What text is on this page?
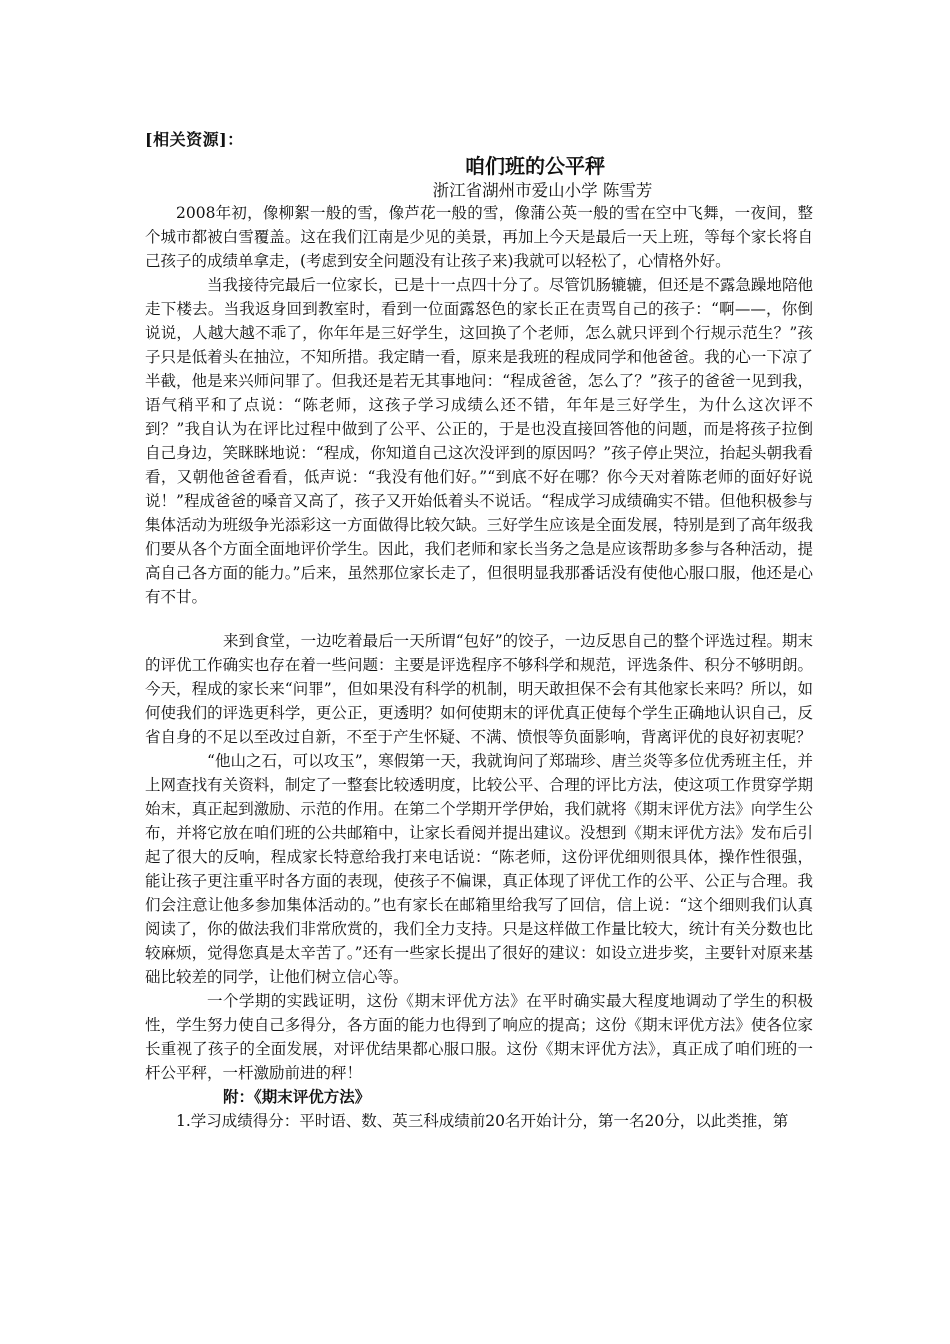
[相关资源]：
咱们班的公平秤
浙江省湖州市爱山小学 陈雪芳

2008年初，像柳絮一般的雪，像芦花一般的雪，像蒲公英一般的雪在空中飞舞，一夜间，整个城市都被白雪覆盖。这在我们江南是少见的美景，再加上今天是最后一天上班，等每个家长将自己孩子的成绩单拿走，(考虑到安全问题没有让孩子来)我就可以轻松了，心情格外好。

当我接待完最后一位家长，已是十一点四十分了。尽管饥肠辘辘，但还是不露急躁地陪他走下楼去。当我返身回到教室时，看到一位面露怒色的家长正在责骂自己的孩子：“啊——，你倒说说，人越大越不乖了，你年年是三好学生，这回换了个老师，怎么就只评到个行规示范生？”孩子只是低着头在抽泣，不知所措。我定睛一看，原来是我班的程成同学和他爸爸。我的心一下凉了半截，他是来兴师问罪了。但我还是若无其事地问：“程成爸爸，怎么了？”孩子的爸爸一见到我，语气稍平和了点说：“陈老师，这孩子学习成绩么还不错，年年是三好学生，为什么这次评不到？”我自认为在评比过程中做到了公平、公正的，于是也没直接回答他的问题，而是将孩子拉倒自己身边，笑眯眯地说：“程成，你知道自己这次没评到的原因吗？”孩子停止哭泣，抬起头朝我看看，又朝他爸爸看看，低声说：“我没有他们好。”“到底不好在哪？你今天对着陈老师的面好好说说！”程成爸爸的嗓音又高了，孩子又开始低着头不说话。“程成学习成绩确实不错。但他积极参与集体活动为班级争光添彩这一方面做得比较欠缺。三好学生应该是全面发展，特别是到了高年级我们要从各个方面全面地评价学生。因此，我们老师和家长当务之急是应该帮助多参与各种活动，提高自己各方面的能力。”后来，虽然那位家长走了，但很明显我那番话没有使他心服口服，他还是心有不甘。

来到食堂，一边吃着最后一天所谓“包好”的饺子，一边反思自己的整个评选过程。期末的评优工作确实也存在着一些问题：主要是评选程序不够科学和规范，评选条件、积分不够明朗。今天，程成的家长来“问罪”，但如果没有科学的机制，明天敢担保不会有其他家长来吗？所以，如何使我们的评选更科学，更公正，更透明？如何使期末的评优真正使每个学生正确地认识自己，反省自身的不足以至改过自新，不至于产生怀疑、不满、愤恨等负面影响，背离评优的良好初衷呢？

“他山之石，可以攻玉”，寒假第一天，我就询问了郑瑞珍、唐兰炎等多位优秀班主任，并上网查找有关资料，制定了一整套比较透明度，比较公平、合理的评比方法，使这项工作贯穿学期始末，真正起到激励、示范的作用。在第二个学期开学伊始，我们就将《期末评优方法》向学生公布，并将它放在咱们班的公共邮箱中，让家长看阅并提出建议。没想到《期末评优方法》发布后引起了很大的反响，程成家长特意给我打来电话说：“陈老师，这份评优细则很具体，操作性很强，能让孩子更注重平时各方面的表现，使孩子不偏课，真正体现了评优工作的公平、公正与合理。我们会注意让他多参加集体活动的。”也有家长在邮箱里给我写了回信，信上说：“这个细则我们认真阅读了，你的做法我们非常欣赏的，我们全力支持。只是这样做工作量比较大，统计有关分数也比较麻烦，觉得您真是太辛苦了。”还有一些家长提出了很好的建议：如设立进步奖，主要针对原来基础比较差的同学，让他们树立信心等。

一个学期的实践证明，这份《期末评优方法》在平时确实最大程度地调动了学生的积极性，学生努力使自己多得分，各方面的能力也得到了响应的提高；这份《期末评优方法》使各位家长重视了孩子的全面发展，对评优结果都心服口服。这份《期末评优方法》，真正成了咱们班的一杆公平秤，一杆激励前进的秤！

附：《期末评优方法》

1.学习成绩得分：平时语、数、英三科成绩前20名开始计分，第一名20分，以此类推，第
